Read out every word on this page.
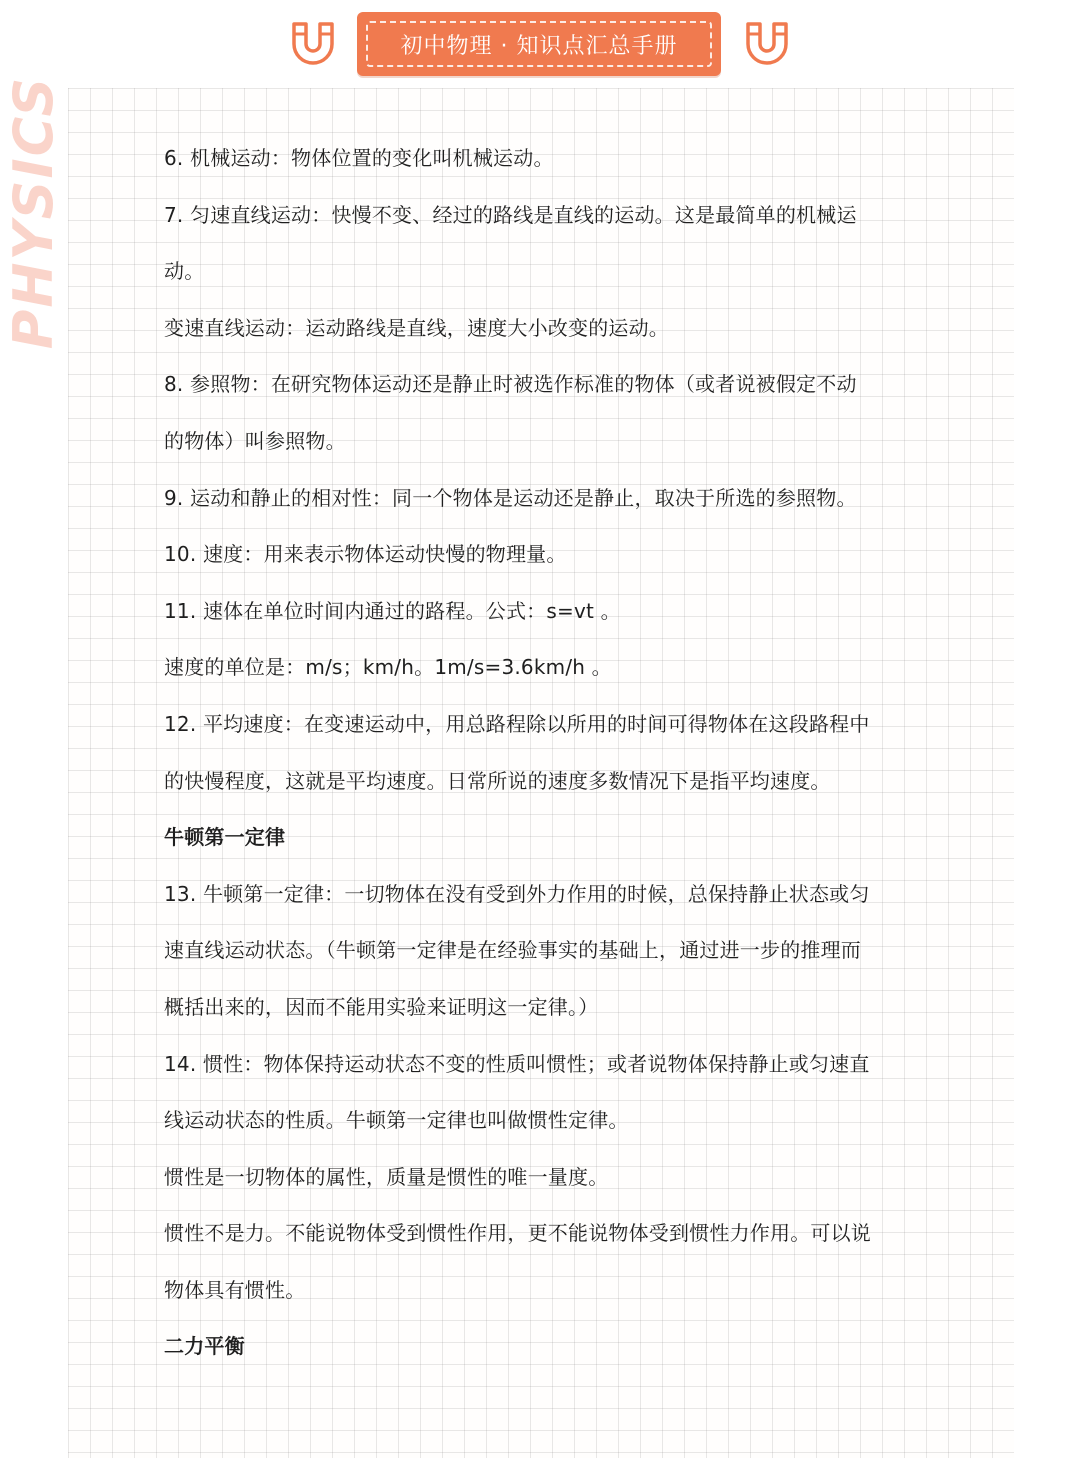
PHYSICS
初中物理 · 知识点汇总手册
6. 机械运动：物体位置的变化叫机械运动。
7. 匀速直线运动：快慢不变、经过的路线是直线的运动。这是最简单的机械运
动。
变速直线运动：运动路线是直线，速度大小改变的运动。
8. 参照物：在研究物体运动还是静止时被选作标准的物体（或者说被假定不动
的物体）叫参照物。
9. 运动和静止的相对性：同一个物体是运动还是静止，取决于所选的参照物。
10. 速度：用来表示物体运动快慢的物理量。
11. 速体在单位时间内通过的路程。公式：s=vt 。
速度的单位是：m/s；km/h。1m/s=3.6km/h 。
12. 平均速度：在变速运动中，用总路程除以所用的时间可得物体在这段路程中
的快慢程度，这就是平均速度。日常所说的速度多数情况下是指平均速度。
牛顿第一定律
13. 牛顿第一定律：一切物体在没有受到外力作用的时候，总保持静止状态或匀
速直线运动状态。（牛顿第一定律是在经验事实的基础上，通过进一步的推理而
概括出来的，因而不能用实验来证明这一定律。）
14. 惯性：物体保持运动状态不变的性质叫惯性；或者说物体保持静止或匀速直
线运动状态的性质。牛顿第一定律也叫做惯性定律。
惯性是一切物体的属性，质量是惯性的唯一量度。
惯性不是力。不能说物体受到惯性作用，更不能说物体受到惯性力作用。可以说
物体具有惯性。
二力平衡
